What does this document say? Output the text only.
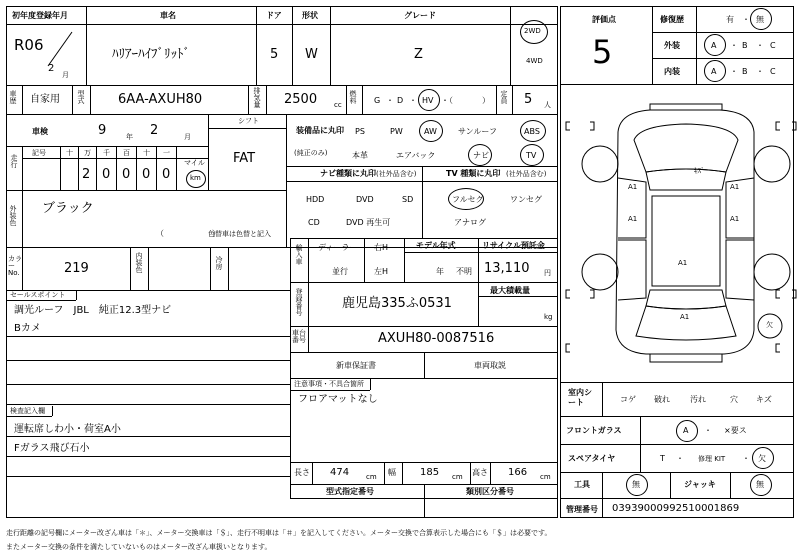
初年度登録年月
R06
2
月
車名
ﾊﾘｱｰﾊｲﾌﾞﾘｯﾄﾞ
ドア
5
形状
W
グレード
Z
2WD
4WD
車歴 自家用 型式	6AA-AXUH80	排気量 2500 cc
燃料 G ・ D ・ HV ・（	） 定員 5 人
車検	9	年 2	月
シフト
FAT
走行
記号	十 万 千 百 十 一
2 0 0 0 0
マイル
km
装備品に丸印
(純正のみ)
PS	PW	AW	サンルーフ	ABS
本革	エアバック	ナビ	TV
ナビ種類に丸印 (社外品含む)
HDD	DVD	SD
CD	DVD 再生可
TV 種類に丸印 (社外品含む)
フルセグ	ワンセグ
アナログ
外装色 ブラック
（　　　　　　）
色替車は色替と記入
カラーNo.	219	内装色	冷房	輸入車 ディーラー
並行
右H
左H
モデル年式
年 不明
リサイクル預託金
13,110 円
登録番号	鹿児島335ふ0531
最大積載量
kg
車台番号	AXUH80-0087516
セールスポイント
調光ルーフ　JBL　純正12.3型ナビ
Bカメ
新車保証書	車両取説
注意事項・不具合箇所
フロアマットなし
検査記入欄
運転席しわ小・荷室A小
Fガラス飛び石小
長さ 474 cm 幅 185 cm 高さ 166 cm
型式指定番号	類別区分番号
評価点
5
修復歴	有 ・ 無
外装	A ・ B ・ C
内装	A ・ B ・ C
ｷｽﾞ
A1	A1
A1	A1
A1
A1
欠
室内シート	コゲ 破れ	汚れ	穴 キズ
フロントガラス	A ・ ×要ス
スペアタイヤ	T ・ 修理 KIT ・ 欠
工具	無	ジャッキ	無
管理番号 03939000992510001869
走行距離の記号欄にメーター改ざん車は「＊」、メーター交換車は「＄」、走行不明車は「＃」を記入してください。メーター交換で合算表示した場合にも「＄」は必要です。
またメーター交換の条件を満たしていないものはメーター改ざん車扱いとなります。
